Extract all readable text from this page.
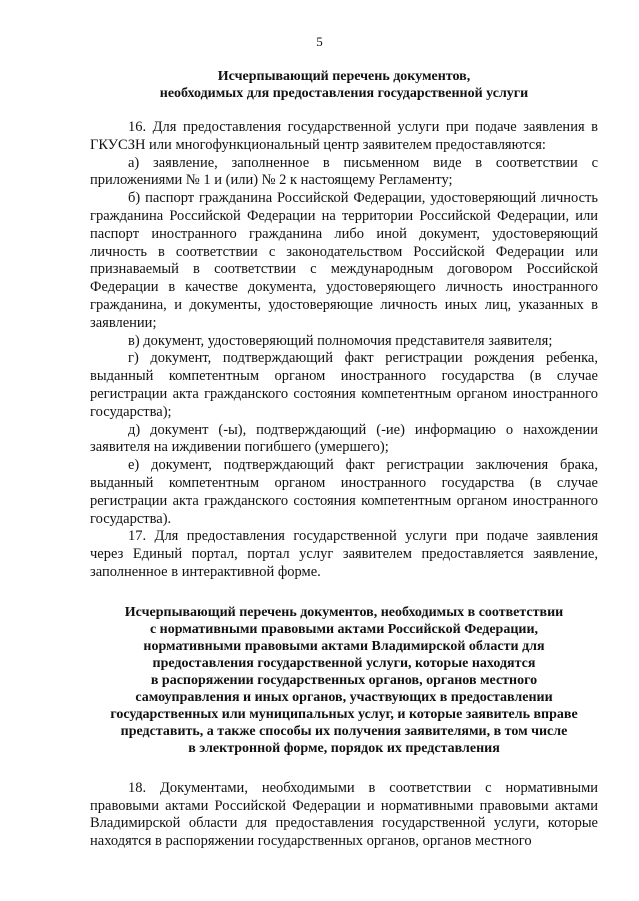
5
Исчерпывающий перечень документов,
необходимых для предоставления государственной услуги

16. Для предоставления государственной услуги при подаче заявления в ГКУСЗН или многофункциональный центр заявителем предоставляются:

а) заявление, заполненное в письменном виде в соответствии с приложениями № 1 и (или) № 2 к настоящему Регламенту;

б) паспорт гражданина Российской Федерации, удостоверяющий личность гражданина Российской Федерации на территории Российской Федерации, или паспорт иностранного гражданина либо иной документ, удостоверяющий личность в соответствии с законодательством Российской Федерации или признаваемый в соответствии с международным договором Российской Федерации в качестве документа, удостоверяющего личность иностранного гражданина, и документы, удостоверяющие личность иных лиц, указанных в заявлении;

в) документ, удостоверяющий полномочия представителя заявителя;

г) документ, подтверждающий факт регистрации рождения ребенка, выданный компетентным органом иностранного государства (в случае регистрации акта гражданского состояния компетентным органом иностранного государства);

д) документ (-ы), подтверждающий (-ие) информацию о нахождении заявителя на иждивении погибшего (умершего);

е) документ, подтверждающий факт регистрации заключения брака, выданный компетентным органом иностранного государства (в случае регистрации акта гражданского состояния компетентным органом иностранного государства).

17. Для предоставления государственной услуги при подаче заявления через Единый портал, портал услуг заявителем предоставляется заявление, заполненное в интерактивной форме.

Исчерпывающий перечень документов, необходимых в соответствии
с нормативными правовыми актами Российской Федерации,
нормативными правовыми актами Владимирской области для
предоставления государственной услуги, которые находятся
в распоряжении государственных органов, органов местного
самоуправления и иных органов, участвующих в предоставлении
государственных или муниципальных услуг, и которые заявитель вправе
представить, а также способы их получения заявителями, в том числе
в электронной форме, порядок их представления

18. Документами, необходимыми в соответствии с нормативными правовыми актами Российской Федерации и нормативными правовыми актами Владимирской области для предоставления государственной услуги, которые находятся в распоряжении государственных органов, органов местного
